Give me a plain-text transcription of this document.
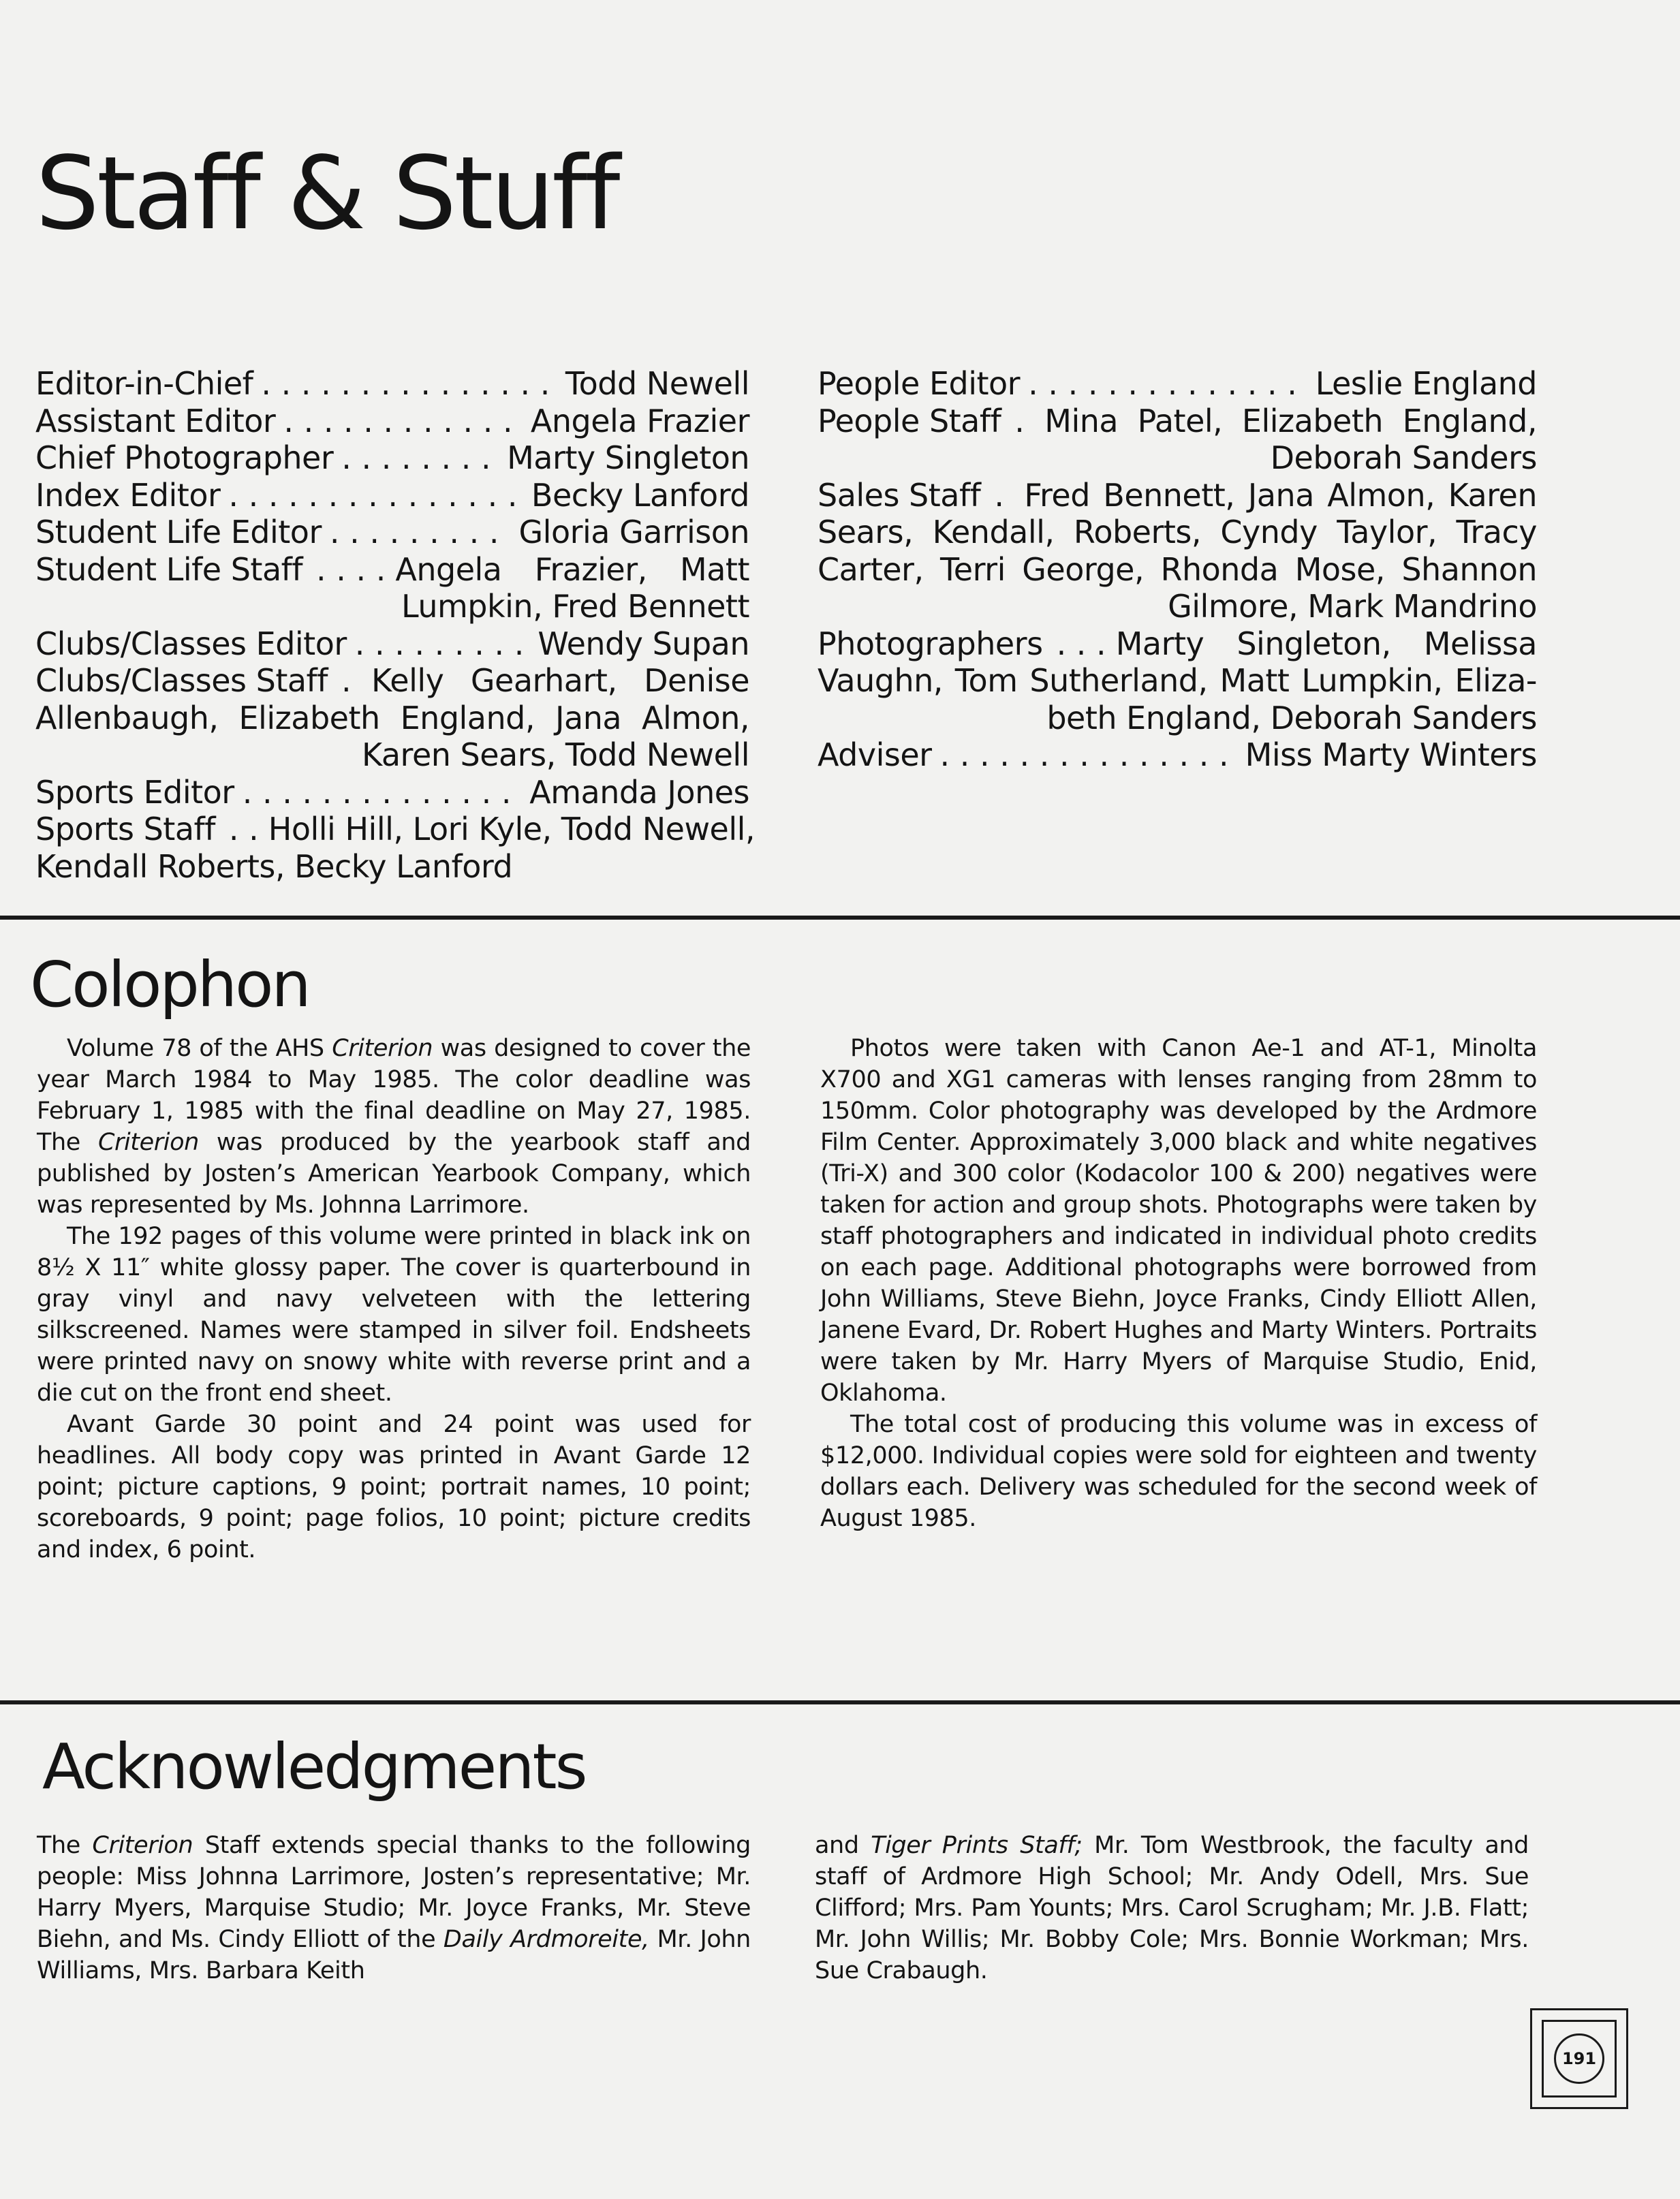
Staff & Stuff
Editor-in-Chief . . .	Todd Newell
Assistant Editor . . .	Angela Frazier
Chief Photographer . . .	Marty Singleton
Index Editor . . .	Becky Lanford
Student Life Editor . . .	Gloria Garrison
Student Life Staff . . . .	Angela Frazier, Matt
Lumpkin, Fred Bennett
Clubs/Classes Editor . . .	Wendy Supan
Clubs/Classes Staff . Kelly Gearhart, Denise
Allenbaugh, Elizabeth England, Jana Almon, Karen Sears, Todd Newell
Sports Editor . . .	Amanda Jones
Sports Staff . . Holli Hill, Lori Kyle, Todd Newell,
Kendall Roberts, Becky Lanford
People Editor . . .	Leslie England
People Staff . Mina Patel, Elizabeth England,
Deborah Sanders
Sales Staff . Fred Bennett, Jana Almon, Karen
Sears, Kendall, Roberts, Cyndy Taylor, Tracy Carter, Terri George, Rhonda Mose, Shannon Gilmore, Mark Mandrino
Photographers . . . Marty Singleton, Melissa
Vaughn, Tom Sutherland, Matt Lumpkin, Eliza- beth England, Deborah Sanders
Adviser . . .	Miss Marty Winters
Colophon

Volume 78 of the AHS Criterion was designed to cover the year March 1984 to May 1985. The color deadline was February 1, 1985 with the final deadline on May 27, 1985. The Criterion was produced by the yearbook staff and published by Josten’s American Yearbook Company, which was represented by Ms. Johnna Larrimore.

The 192 pages of this volume were printed in black ink on 8½ X 11″ white glossy paper. The cover is quarterbound in gray vinyl and navy velveteen with the lettering silkscreened. Names were stamped in silver foil. Endsheets were printed navy on snowy white with reverse print and a die cut on the front end sheet.

Avant Garde 30 point and 24 point was used for headlines. All body copy was printed in Avant Garde 12 point; picture captions, 9 point; portrait names, 10 point; scoreboards, 9 point; page folios, 10 point; picture credits and index, 6 point.

Photos were taken with Canon Ae-1 and AT-1, Minolta X700 and XG1 cameras with lenses ranging from 28mm to 150mm. Color photography was developed by the Ardmore Film Center. Approximately 3,000 black and white negatives (Tri-X) and 300 color (Kodacolor 100 & 200) negatives were taken for action and group shots. Photographs were taken by staff photographers and indicated in individual photo credits on each page. Additional photographs were borrowed from John Williams, Steve Biehn, Joyce Franks, Cindy Elliott Allen, Janene Evard, Dr. Robert Hughes and Marty Winters. Portraits were taken by Mr. Harry Myers of Marquise Studio, Enid, Oklahoma.

The total cost of producing this volume was in excess of $12,000. Individual copies were sold for eighteen and twenty dollars each. Delivery was scheduled for the second week of August 1985.

Acknowledgments

The Criterion Staff extends special thanks to the following people: Miss Johnna Larrimore, Josten’s representative; Mr. Harry Myers, Marquise Studio; Mr. Joyce Franks, Mr. Steve Biehn, and Ms. Cindy Elliott of the Daily Ardmoreite, Mr. John Williams, Mrs. Barbara Keith

and Tiger Prints Staff; Mr. Tom Westbrook, the faculty and staff of Ardmore High School; Mr. Andy Odell, Mrs. Sue Clifford; Mrs. Pam Younts; Mrs. Carol Scrugham; Mr. J.B. Flatt; Mr. John Willis; Mr. Bobby Cole; Mrs. Bonnie Workman; Mrs. Sue Crabaugh.

191
